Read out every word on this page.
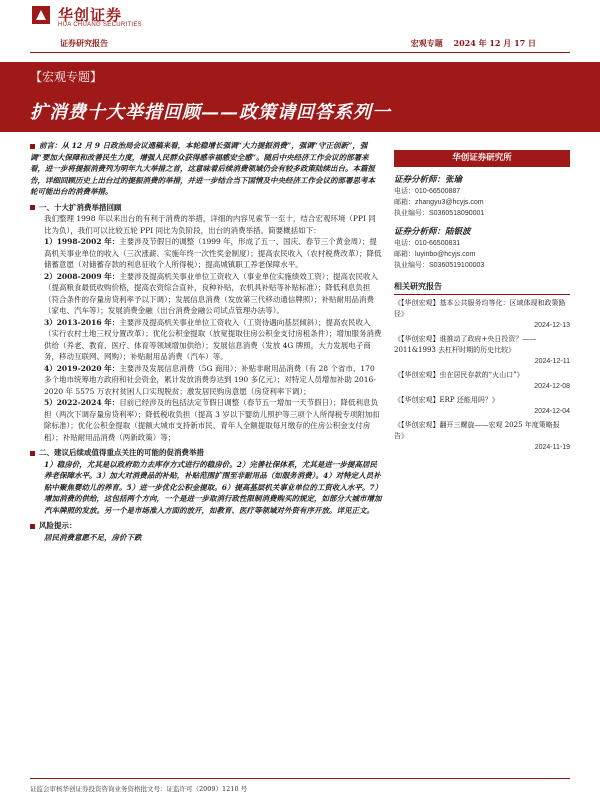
华创证券
HUA CHUANG SECURITIES
证券研究报告	宏观专题 2024 年 12 月 17 日
【宏观专题】
扩消费十大举措回顾——政策请回答系列一
前言：从 12 月 9 日政治局会议通稿来看，本轮稳增长强调“大力提振消费”，强调“守正创新”，强调“要加大保障和改善民生力度，增强人民群众获得感幸福感安全感”。随后中央经济工作会议的部署来看，进一步将提振消费列为明年九大举措之首，这意味着后续消费领域仍会有较多政策陆续出台。本篇报告，详细回顾历史上出台过的提振消费的举措，并进一步结合当下国情及中央经济工作会议的部署思考本轮可能出台的消费举措。
一、十大扩消费举措回顾

我们整理 1998 年以来出台的有利于消费的举措，详细的内容见索节一至十，结合宏观环境（PPI 同比为负），我们可以比较五轮 PPI 同比为负阶段，出台的消费举措。简要概括如下：

1）1998-2002 年：主要涉及节假日的调整（1999 年，形成了五一、国庆、春节三个黄金周）；提高机关事业单位的收入（三次涨薪、实施年终一次性奖金制度）；提高农民收入（农村税费改革）；降低储蓄意愿（对储蓄存款的利息征收个人所得税）；提高城镇职工养老保障水平。

2）2008-2009 年：主要涉及提高机关事业单位工资收入（事业单位实施绩效工资）；提高农民收入（提高粮食最低收购价格，提高农资综合直补，良种补贴，农机具补贴等补贴标准）；降低利息负担（符合条件的存量房贷利率予以下调）；发展信息消费（发放第三代移动通信牌照）；补贴耐用品消费（家电、汽车等）；发展消费金融（出台消费金融公司试点管理办法等）。

3）2013-2016 年：主要涉及提高机关事业单位工资收入（工资待遇向基层倾斜）；提高农民收入（实行农村土地三权分置改革）；优化公积金提取（放宽提取住房公积金支付房租条件）；增加服务消费供给（养老、教育、医疗、体育等领域增加供给）；发展信息消费（发放 4G 牌照，大力发展电子商务，移动互联网、网购）；补贴耐用品消费（汽车）等。

4）2019-2020 年：主要涉及发展信息消费（5G 商用）；补贴非耐用品消费（有 28 个省市、170 多个地市统筹地方政府和社会资金，累计发放消费券达到 190 多亿元）；对特定人员增加补助 2016-2020 年 5575 万农村贫困人口实现脱贫；激发居民购房意愿（房贷利率下调）；

5）2022-2024 年：目前已经涉及的包括法定节假日调整（春节五一增加一天节假日）；降低利息负担（两次下调存量房贷利率）；降低税收负担（提高 3 岁以下婴幼儿照护等三项个人所得税专项附加扣除标准）；优化公积金提取（提额大城市支持新市民、青年人全额提取每月缴存的住房公积金支付房租）；补贴耐用品消费（两新政策）等；

二、建议后续或值得重点关注的可能的促消费举措

1）稳房价，尤其是以政府助力去库存方式进行的稳房价。2）完善社保体系，尤其是进一步提高居民养老保障水平。3）加大对消费品的补贴，补贴范围扩围至非耐用品（如服务消费）。4）对特定人员补贴中聚焦婴幼儿的养育。5）进一步优化公积金提取。6）提高基层机关事业单位的工资收入水平。7）增加消费的供给，这包括两个方向，一个是进一步取消行政性限制消费购买的规定，如部分大城市增加汽车牌照的发放。另一个是市场准入方面的放开，如教育、医疗等领域对外资有序开放。详见正文。

风险提示：

居民消费意愿不足，房价下跌

华创证券研究所
证券分析师：张瑜
电话：010-66500887
邮箱：zhangyu3@hcyjs.com
执业编号：S0360518090001
证券分析师：陆银波
电话：010-66500831
邮箱：luyinbo@hcyjs.com
执业编号：S0360519100003
相关研究报告
《【华创宏观】基本公共服务均等化：区域体现和政策路径》
2024-12-13
《【华创宏观】谁推动了政府+央日投资？——2011&1993 去杠杆时期的历史比较》
2024-12-11
《【华创宏观】虫在居民存款的“火山口”》
2024-12-08
《【华创宏观】ERP 还能用吗？》
2024-12-04
《【华创宏观】翻开三螺旋——宏观 2025 年度策略报告》
2024-11-19
证监会审核华创证券投资咨询业务资格批文号：证监许可（2009）1210 号
